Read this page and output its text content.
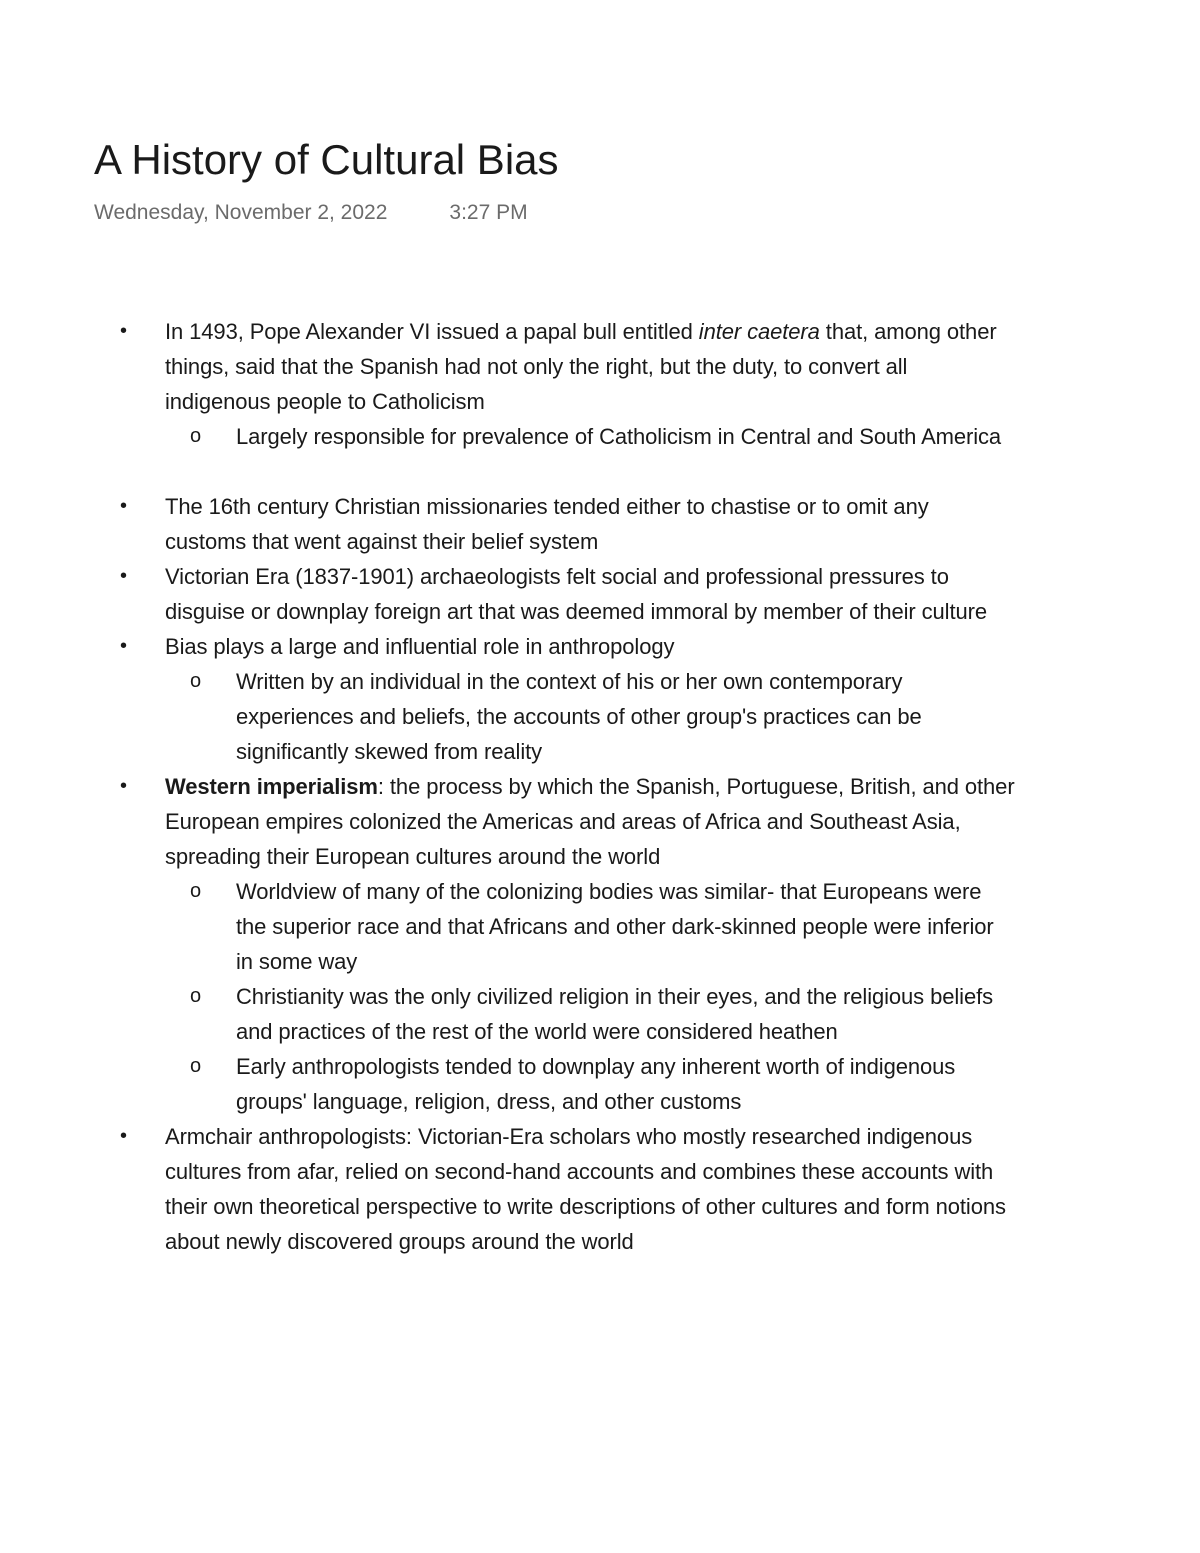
A History of Cultural Bias
Wednesday, November 2, 2022	3:27 PM
• In 1493, Pope Alexander VI issued a papal bull entitled inter caetera that, among other things, said that the Spanish had not only the right, but the duty, to convert all indigenous people to Catholicism
o Largely responsible for prevalence of Catholicism in Central and South America
• The 16th century Christian missionaries tended either to chastise or to omit any customs that went against their belief system
• Victorian Era (1837-1901) archaeologists felt social and professional pressures to disguise or downplay foreign art that was deemed immoral by member of their culture
• Bias plays a large and influential role in anthropology
o Written by an individual in the context of his or her own contemporary experiences and beliefs, the accounts of other group's practices can be significantly skewed from reality
• Western imperialism: the process by which the Spanish, Portuguese, British, and other European empires colonized the Americas and areas of Africa and Southeast Asia, spreading their European cultures around the world
o Worldview of many of the colonizing bodies was similar- that Europeans were the superior race and that Africans and other dark-skinned people were inferior in some way
o Christianity was the only civilized religion in their eyes, and the religious beliefs and practices of the rest of the world were considered heathen
o Early anthropologists tended to downplay any inherent worth of indigenous groups' language, religion, dress, and other customs
• Armchair anthropologists: Victorian-Era scholars who mostly researched indigenous cultures from afar, relied on second-hand accounts and combines these accounts with their own theoretical perspective to write descriptions of other cultures and form notions about newly discovered groups around the world
